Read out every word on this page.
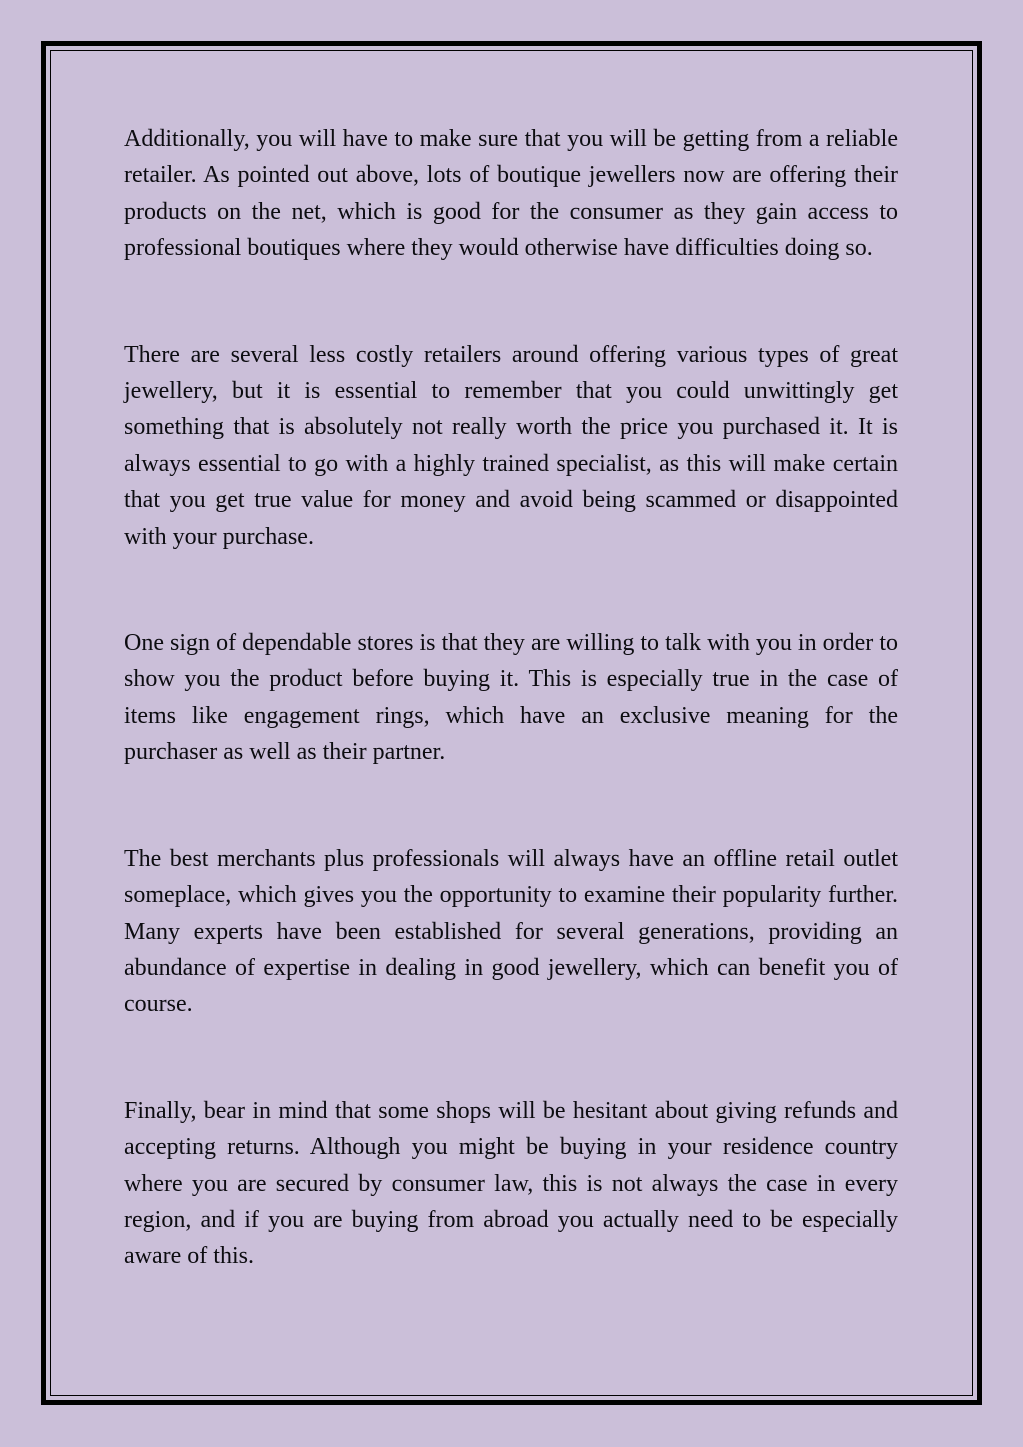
Additionally, you will have to make sure that you will be getting from a reliable retailer. As pointed out above, lots of boutique jewellers now are offering their products on the net, which is good for the consumer as they gain access to professional boutiques where they would otherwise have difficulties doing so.

There are several less costly retailers around offering various types of great jewellery, but it is essential to remember that you could unwittingly get something that is absolutely not really worth the price you purchased it. It is always essential to go with a highly trained specialist, as this will make certain that you get true value for money and avoid being scammed or disappointed with your purchase.

One sign of dependable stores is that they are willing to talk with you in order to show you the product before buying it. This is especially true in the case of items like engagement rings, which have an exclusive meaning for the purchaser as well as their partner.

The best merchants plus professionals will always have an offline retail outlet someplace, which gives you the opportunity to examine their popularity further. Many experts have been established for several generations, providing an abundance of expertise in dealing in good jewellery, which can benefit you of course.

Finally, bear in mind that some shops will be hesitant about giving refunds and accepting returns. Although you might be buying in your residence country where you are secured by consumer law, this is not always the case in every region, and if you are buying from abroad you actually need to be especially aware of this.
